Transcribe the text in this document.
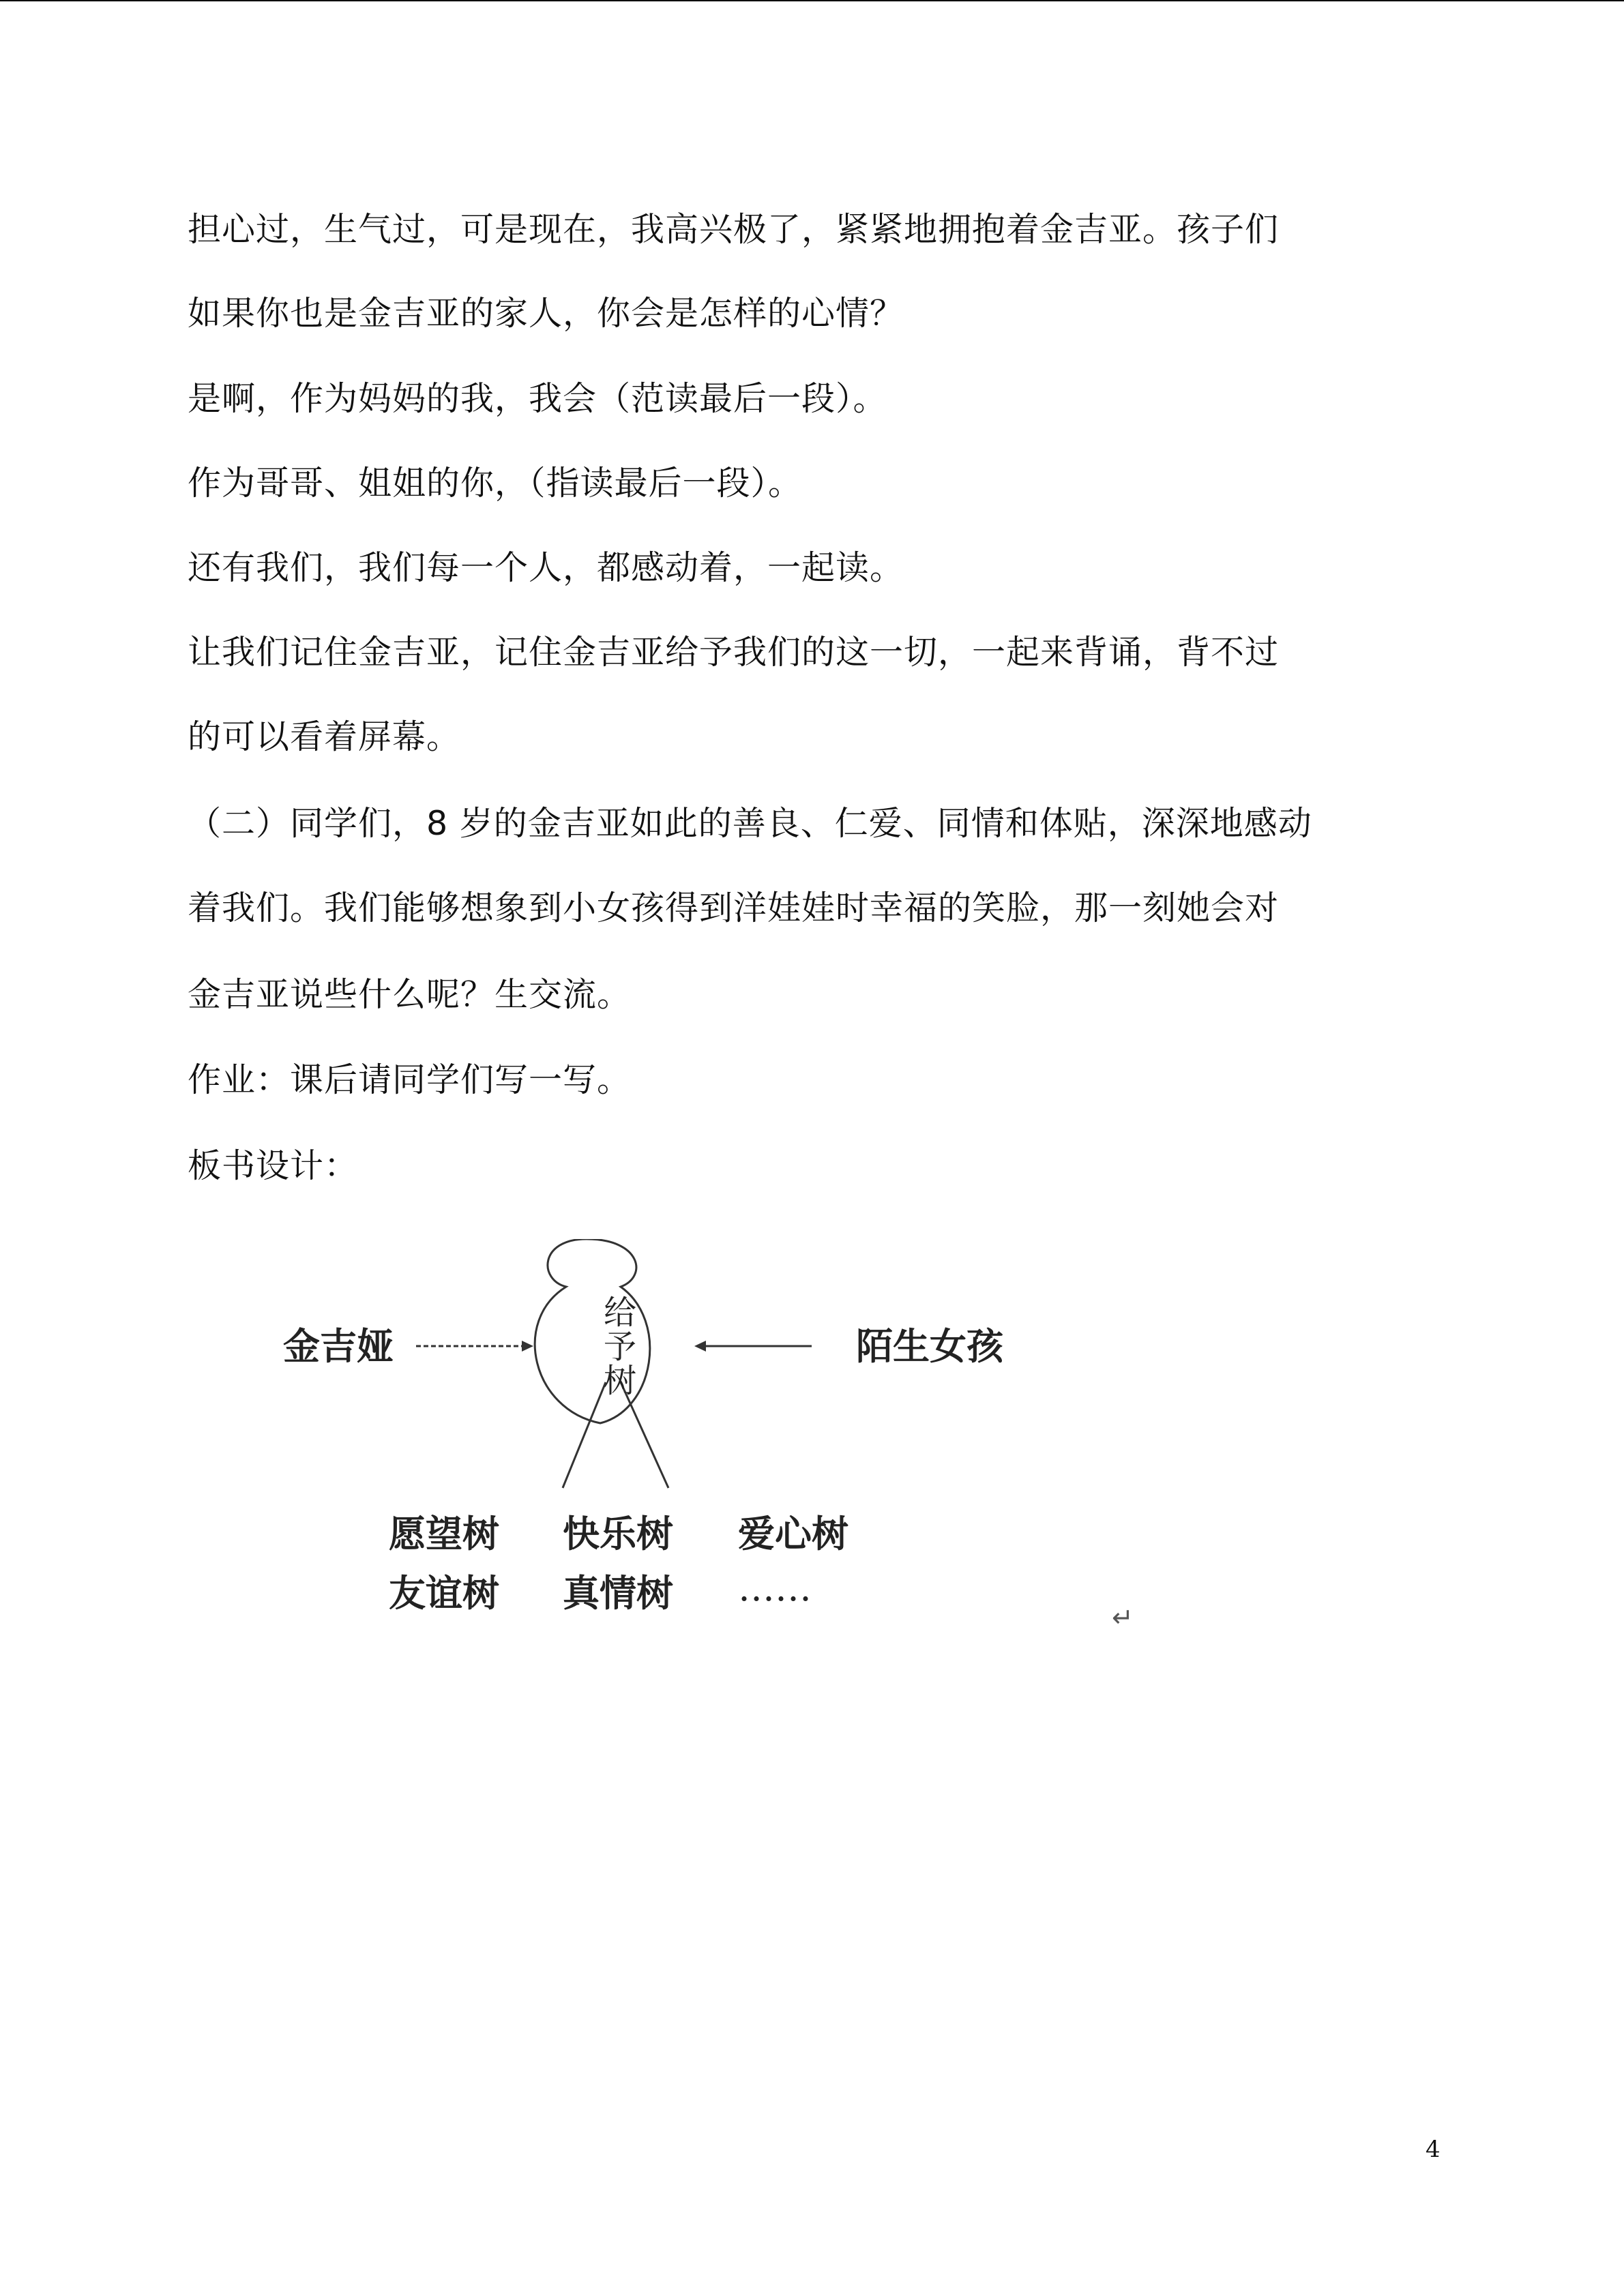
担心过，生气过，可是现在，我高兴极了，紧紧地拥抱着金吉亚。孩子们

如果你也是金吉亚的家人，你会是怎样的心情？

是啊，作为妈妈的我，我会（范读最后一段）。

作为哥哥、姐姐的你，（指读最后一段）。

还有我们，我们每一个人，都感动着，一起读。

让我们记住金吉亚，记住金吉亚给予我们的这一切，一起来背诵，背不过

的可以看着屏幕。

（二）同学们，8 岁的金吉亚如此的善良、仁爱、同情和体贴，深深地感动

着我们。我们能够想象到小女孩得到洋娃娃时幸福的笑脸，那一刻她会对

金吉亚说些什么呢？生交流。

作业：课后请同学们写一写。

板书设计：

金吉娅	陌生女孩
给
予
树
愿望树 快乐树 爱心树
友谊树 真情树 ……
↵
4
